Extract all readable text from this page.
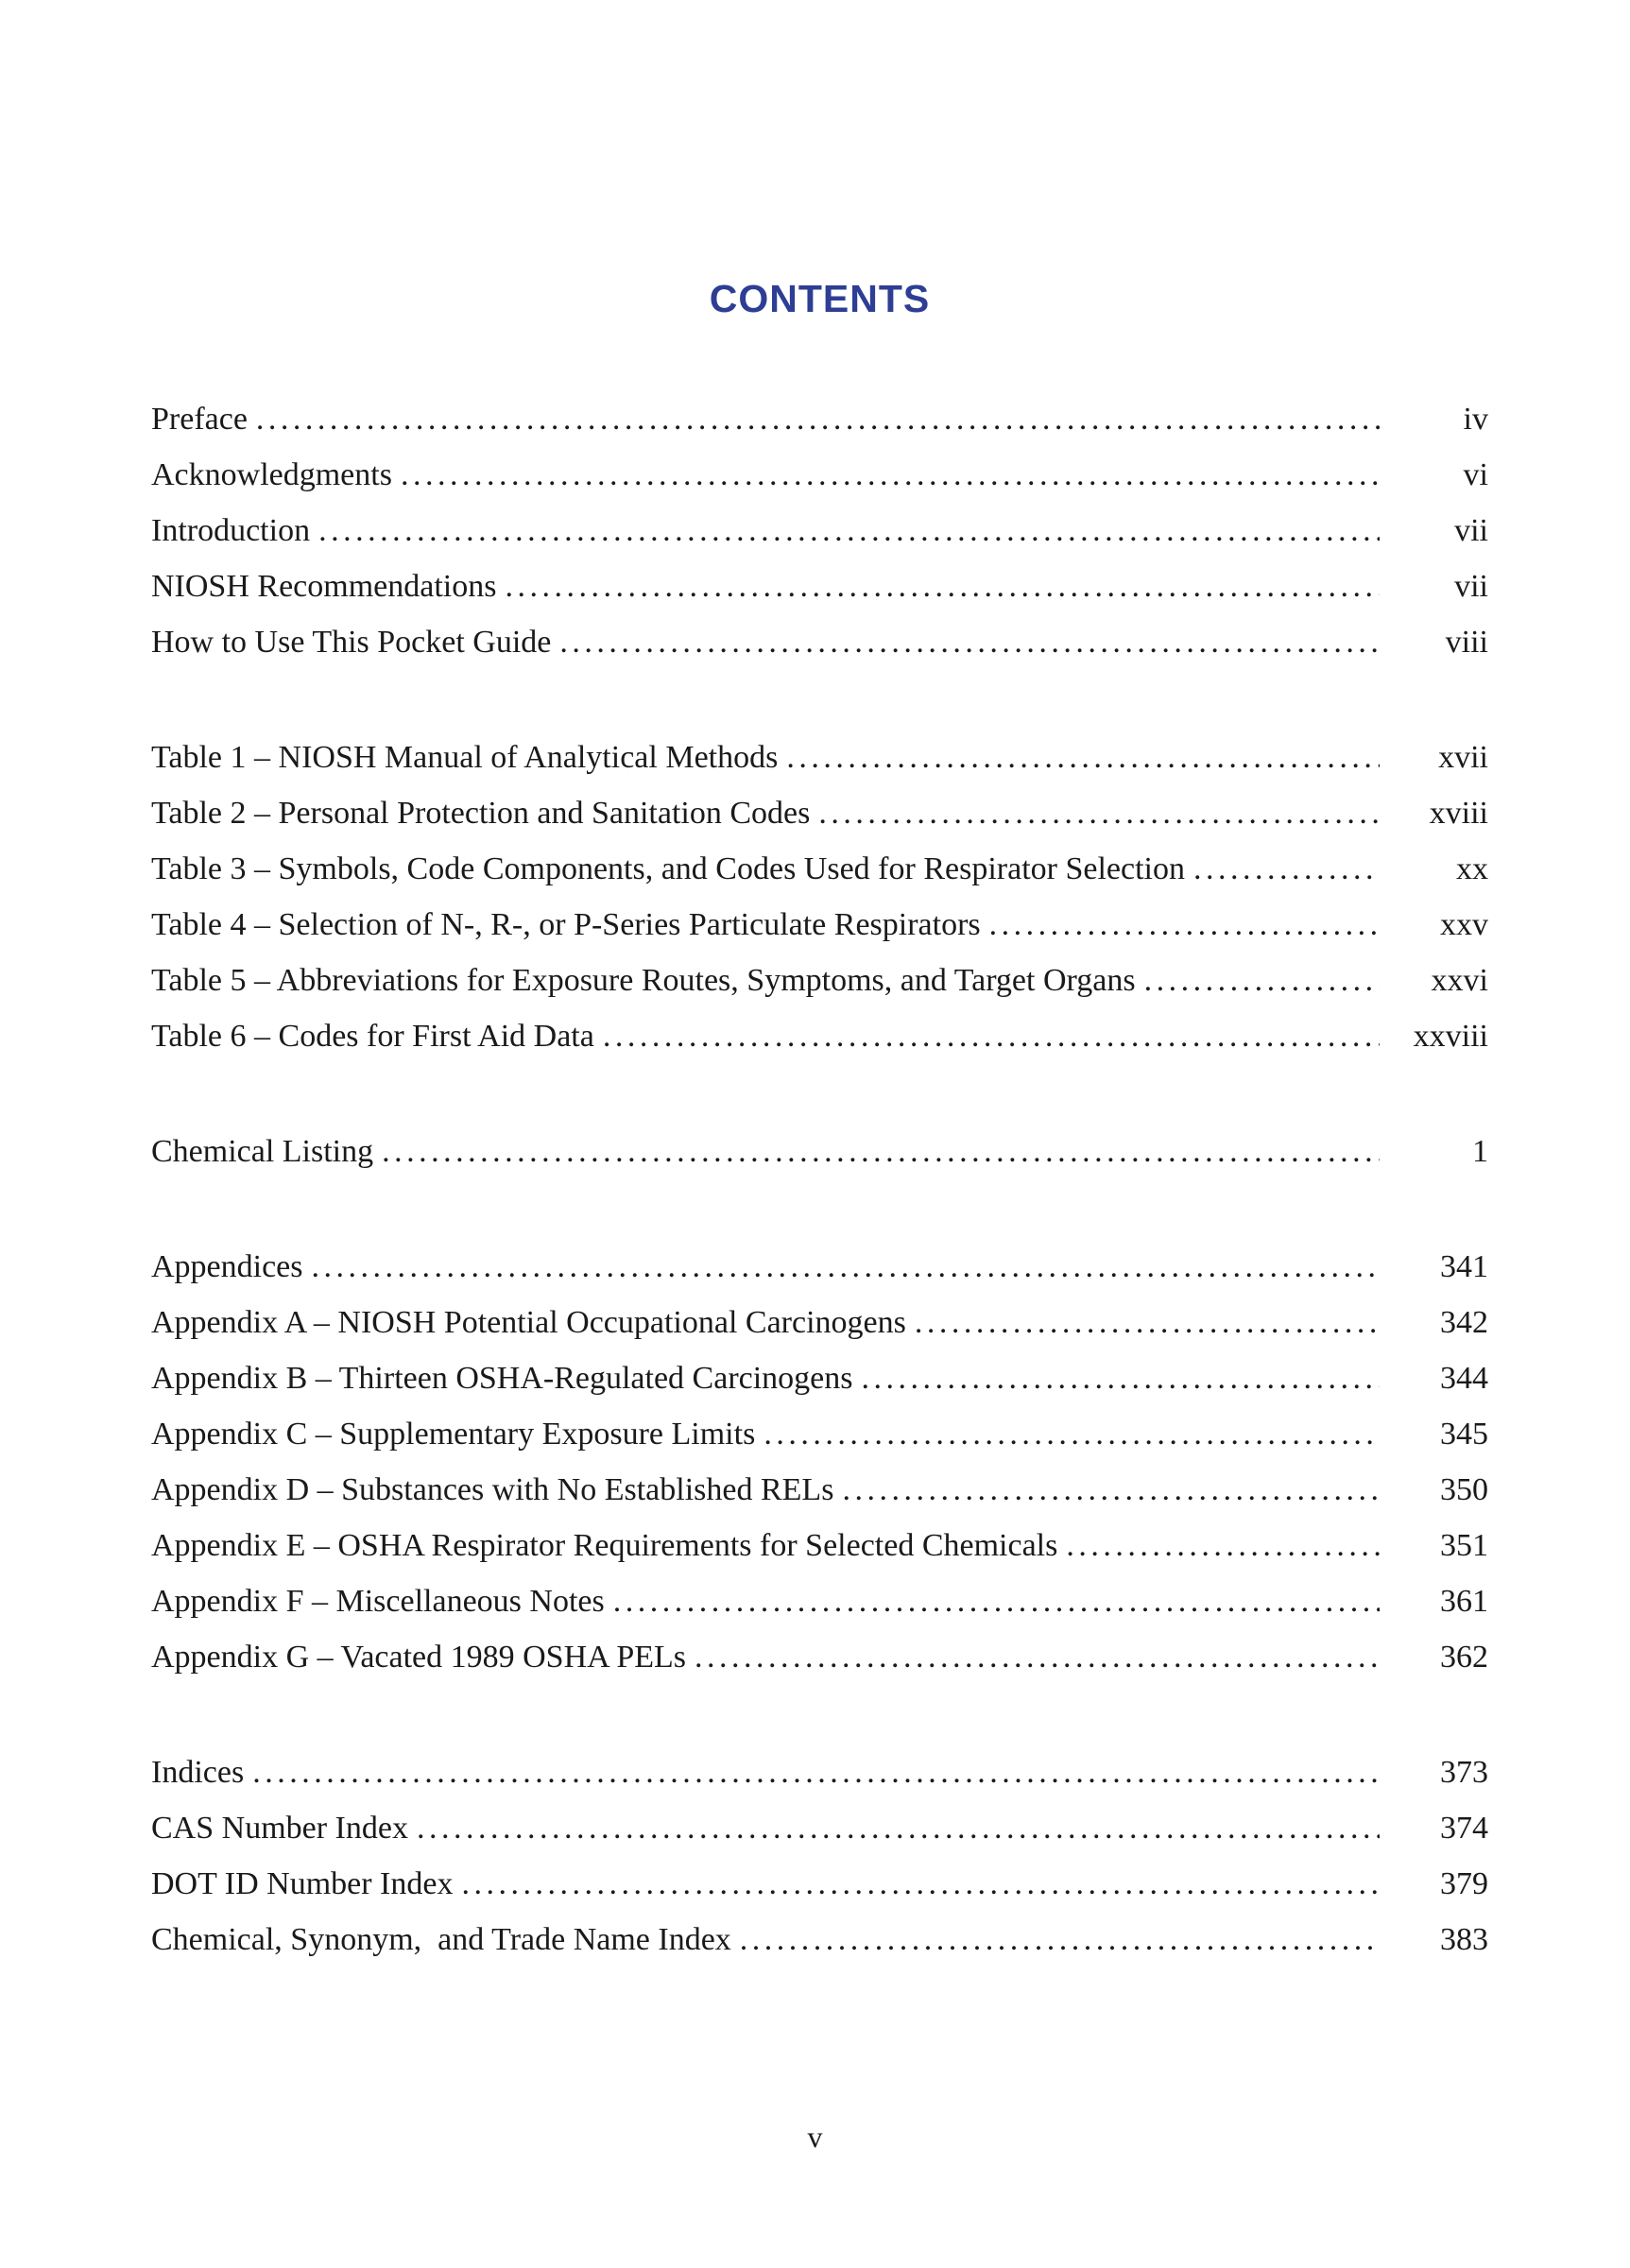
CONTENTS
Preface .....	iv
Acknowledgments .....	vi
Introduction .....	vii
NIOSH Recommendations .....	vii
How to Use This Pocket Guide .....	viii
Table 1 – NIOSH Manual of Analytical Methods .....	xvii
Table 2 – Personal Protection and Sanitation Codes .....	xviii
Table 3 – Symbols, Code Components, and Codes Used for Respirator Selection .....	xx
Table 4 – Selection of N-, R-, or P-Series Particulate Respirators .....	xxv
Table 5 – Abbreviations for Exposure Routes, Symptoms, and Target Organs .....	xxvi
Table 6 – Codes for First Aid Data .....	xxviii
Chemical Listing .....	1
Appendices .....	341
Appendix A – NIOSH Potential Occupational Carcinogens .....	342
Appendix B – Thirteen OSHA-Regulated Carcinogens .....	344
Appendix C – Supplementary Exposure Limits .....	345
Appendix D – Substances with No Established RELs .....	350
Appendix E – OSHA Respirator Requirements for Selected Chemicals .....	351
Appendix F – Miscellaneous Notes .....	361
Appendix G – Vacated 1989 OSHA PELs .....	362
Indices .....	373
CAS Number Index .....	374
DOT ID Number Index .....	379
Chemical, Synonym,  and Trade Name Index .....	383
v
